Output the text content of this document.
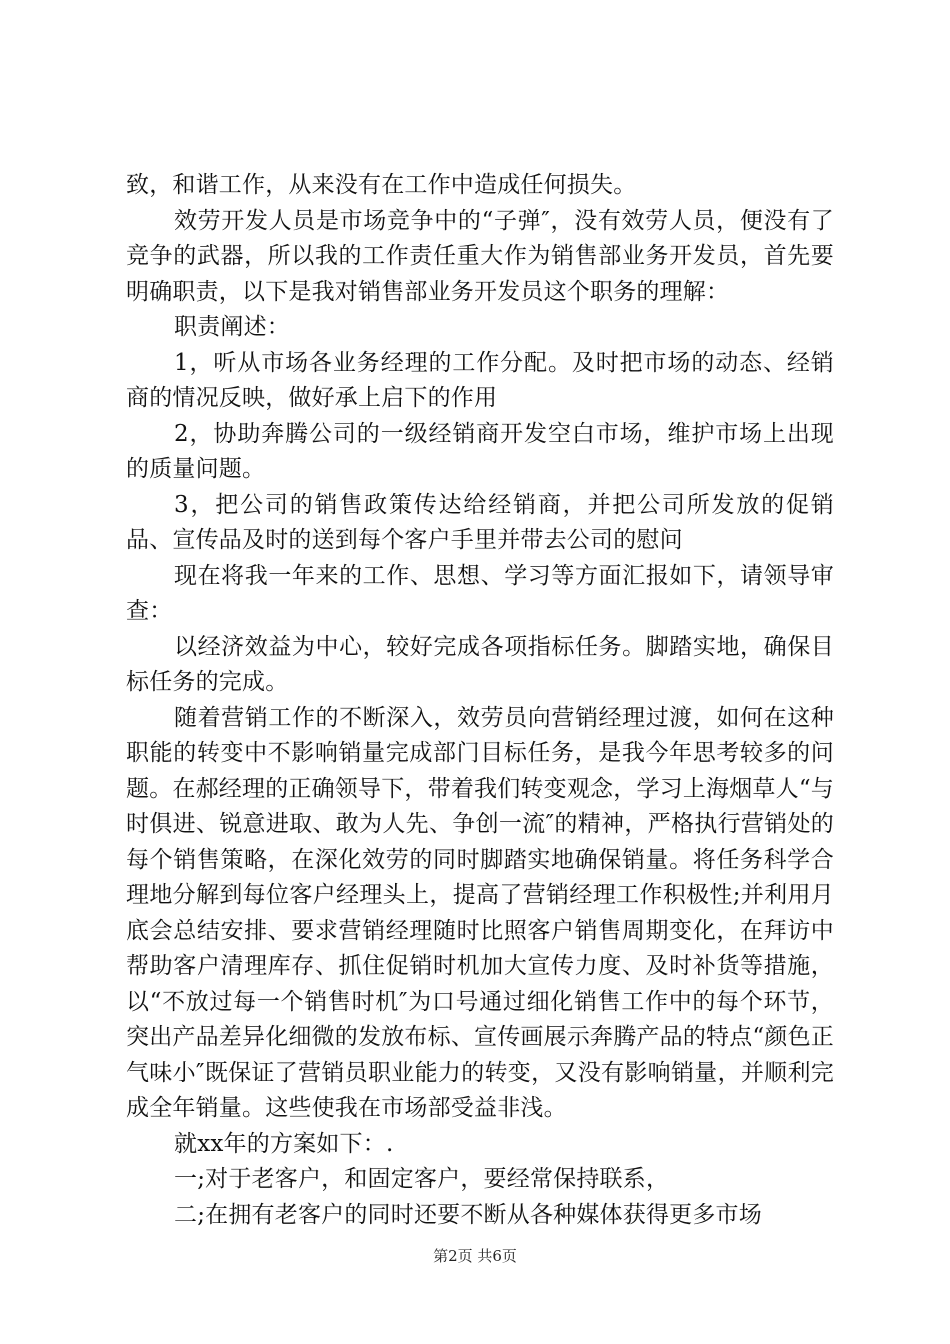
致，和谐工作，从来没有在工作中造成任何损失。

效劳开发人员是市场竞争中的“子弹″，没有效劳人员，便没有了竞争的武器，所以我的工作责任重大作为销售部业务开发员，首先要明确职责，以下是我对销售部业务开发员这个职务的理解：

职责阐述：

1，听从市场各业务经理的工作分配。及时把市场的动态、经销商的情况反映，做好承上启下的作用

2，协助奔腾公司的一级经销商开发空白市场，维护市场上出现的质量问题。

3，把公司的销售政策传达给经销商，并把公司所发放的促销品、宣传品及时的送到每个客户手里并带去公司的慰问

现在将我一年来的工作、思想、学习等方面汇报如下，请领导审查：

以经济效益为中心，较好完成各项指标任务。脚踏实地，确保目标任务的完成。

随着营销工作的不断深入，效劳员向营销经理过渡，如何在这种职能的转变中不影响销量完成部门目标任务，是我今年思考较多的问题。在郝经理的正确领导下，带着我们转变观念，学习上海烟草人“与时俱进、锐意进取、敢为人先、争创一流″的精神，严格执行营销处的每个销售策略，在深化效劳的同时脚踏实地确保销量。将任务科学合理地分解到每位客户经理头上，提高了营销经理工作积极性;并利用月底会总结安排、要求营销经理随时比照客户销售周期变化，在拜访中帮助客户清理库存、抓住促销时机加大宣传力度、及时补货等措施，以“不放过每一个销售时机″为口号通过细化销售工作中的每个环节，突出产品差异化细微的发放布标、宣传画展示奔腾产品的特点“颜色正气味小″既保证了营销员职业能力的转变，又没有影响销量，并顺利完成全年销量。这些使我在市场部受益非浅。

就xx年的方案如下：.

一;对于老客户，和固定客户，要经常保持联系，

二;在拥有老客户的同时还要不断从各种媒体获得更多市场

第2页 共6页
